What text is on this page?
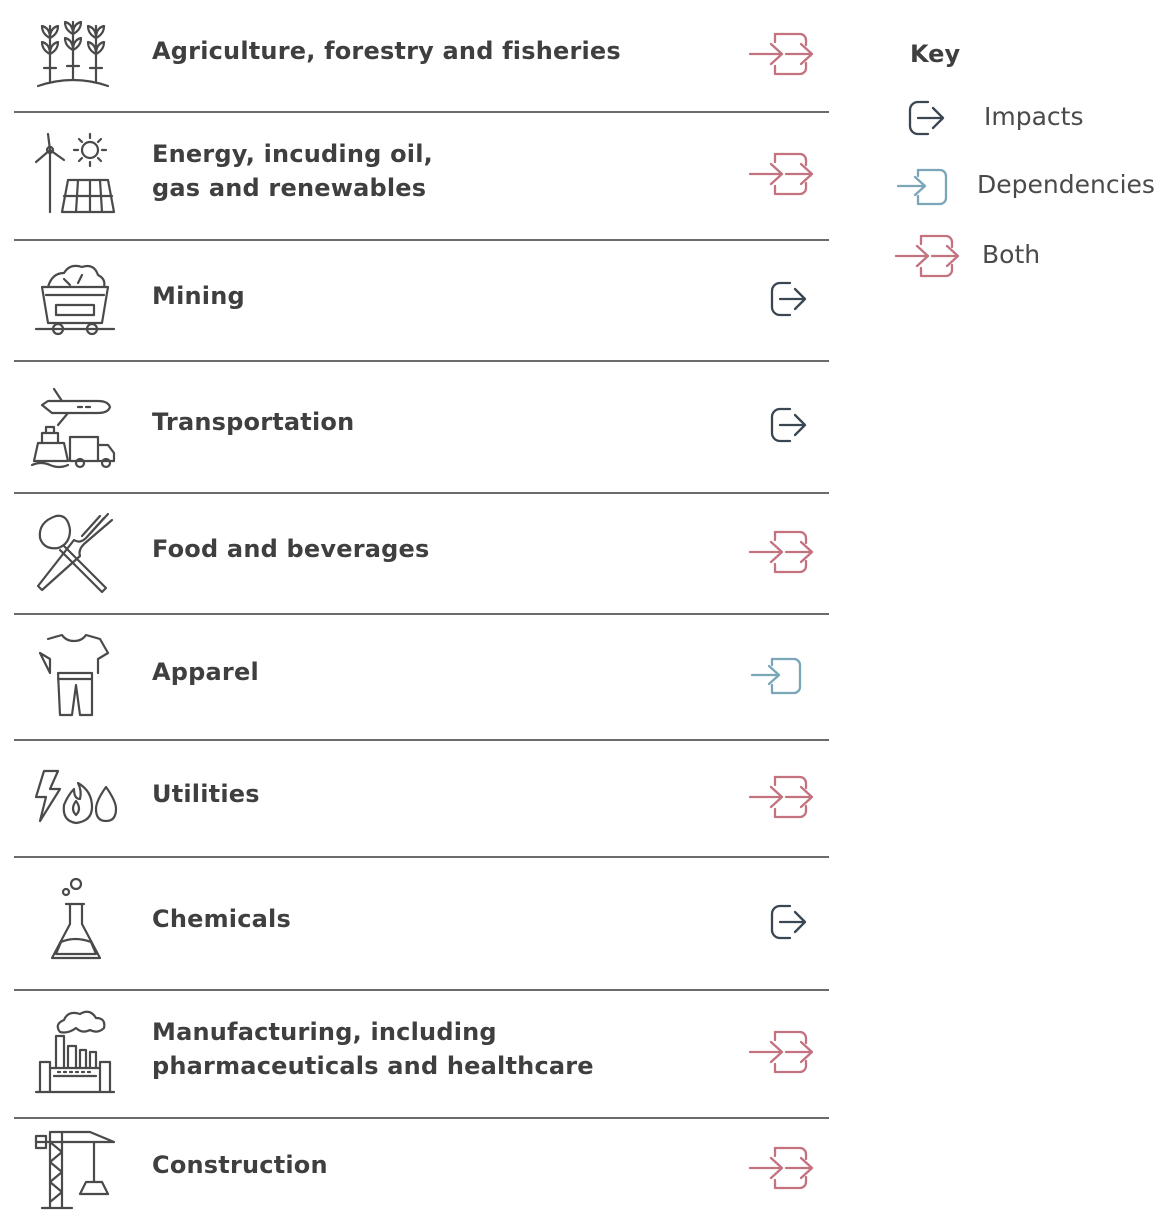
Agriculture, forestry and fisheries
Energy, incuding oil,
gas and renewables
Mining
Transportation
Food and beverages
Apparel
Utilities
Chemicals
Manufacturing, including
pharmaceuticals and healthcare
Construction
Key
Impacts
Dependencies
Both
